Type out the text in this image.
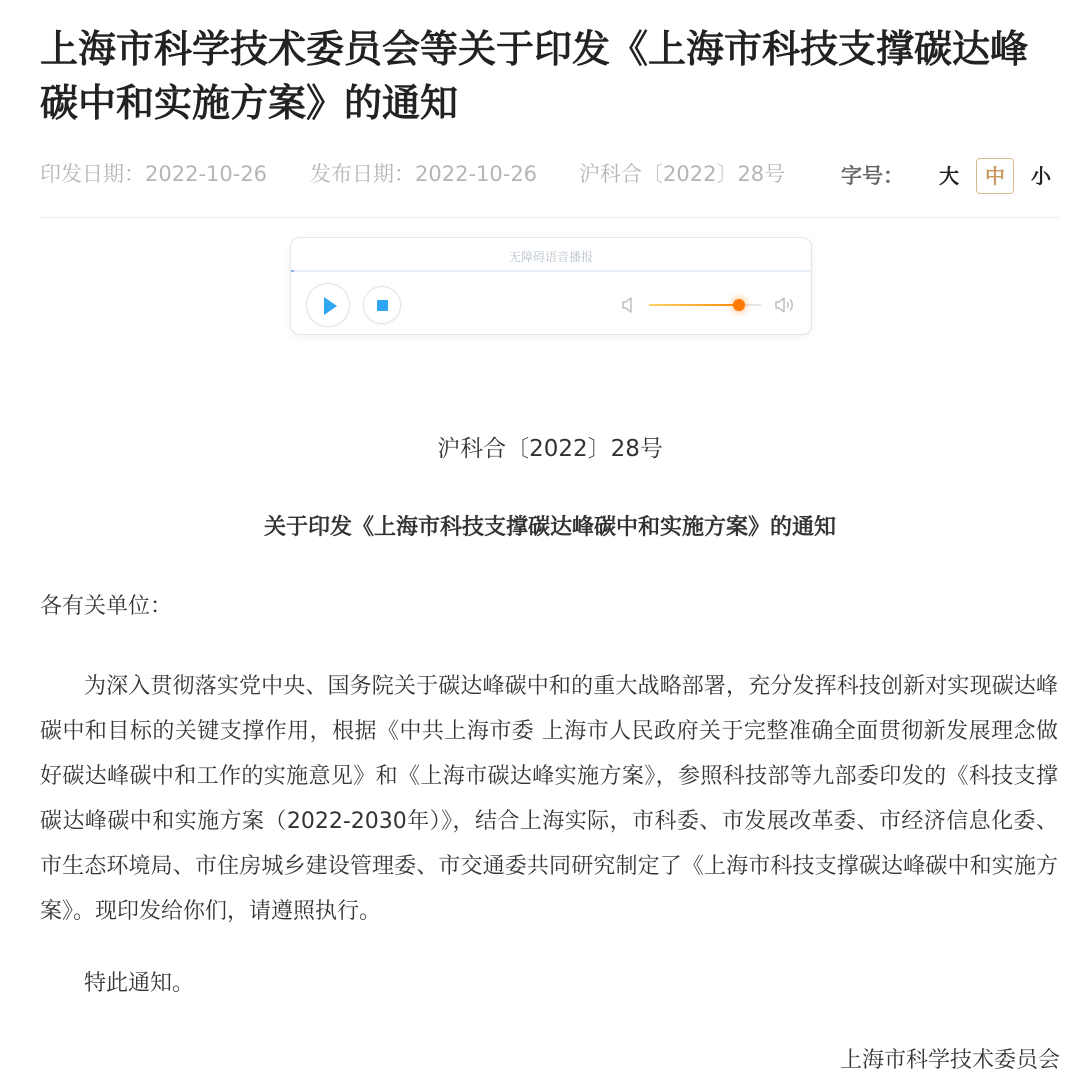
上海市科学技术委员会等关于印发《上海市科技支撑碳达峰碳中和实施方案》的通知
印发日期：2022-10-26 发布日期：2022-10-26 沪科合〔2022〕28号	字号：	大	中	小
无障碍语音播报
沪科合〔2022〕28号
关于印发《上海市科技支撑碳达峰碳中和实施方案》的通知
各有关单位：

为深入贯彻落实党中央、国务院关于碳达峰碳中和的重大战略部署，充分发挥科技创新对实现碳达峰碳中和目标的关键支撑作用，根据《中共上海市委 上海市人民政府关于完整准确全面贯彻新发展理念做好碳达峰碳中和工作的实施意见》和《上海市碳达峰实施方案》，参照科技部等九部委印发的《科技支撑碳达峰碳中和实施方案（2022-2030年）》，结合上海实际，市科委、市发展改革委、市经济信息化委、市生态环境局、市住房城乡建设管理委、市交通委共同研究制定了《上海市科技支撑碳达峰碳中和实施方案》。现印发给你们，请遵照执行。

特此通知。

上海市科学技术委员会
